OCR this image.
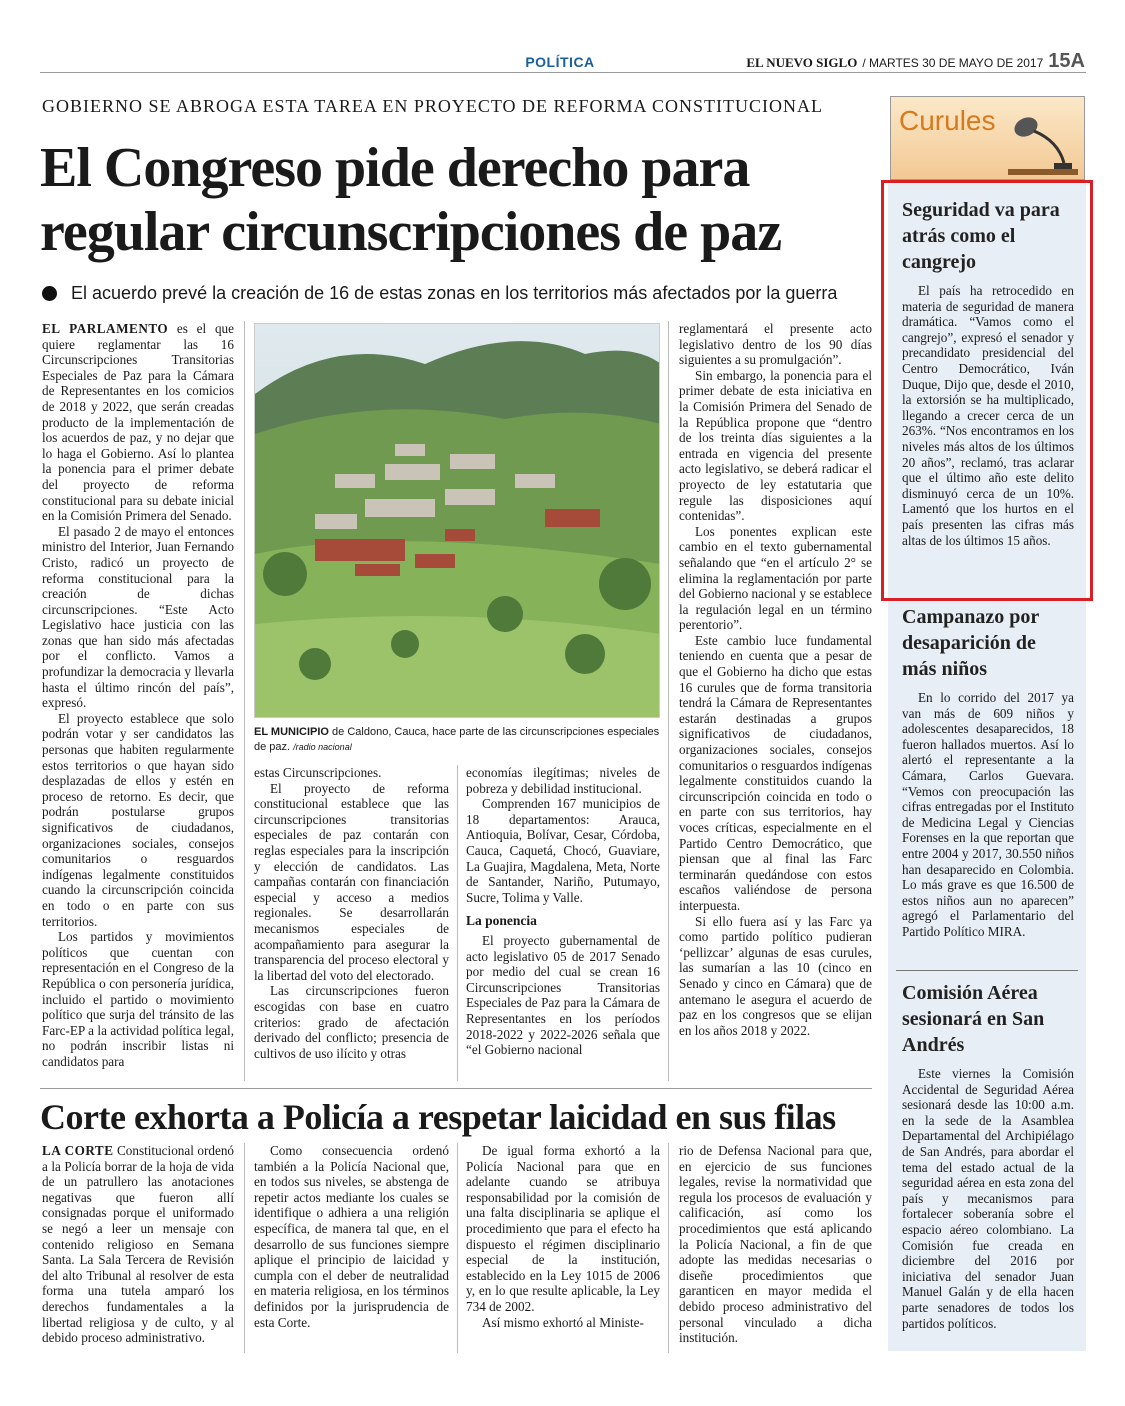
POLÍTICA	EL NUEVO SIGLO / MARTES 30 DE MAYO DE 2017 15A
GOBIERNO SE ABROGA ESTA TAREA EN PROYECTO DE REFORMA CONSTITUCIONAL
El Congreso pide derecho para regular circunscripciones de paz
El acuerdo prevé la creación de 16 de estas zonas en los territorios más afectados por la guerra

EL PARLAMENTO es el que quiere reglamentar las 16 Circunscripciones Transitorias Especiales de Paz para la Cámara de Representantes en los comicios de 2018 y 2022, que serán creadas producto de la implementación de los acuerdos de paz, y no dejar que lo haga el Gobierno. Así lo plantea la ponencia para el primer debate del proyecto de reforma constitucional para su debate inicial en la Comisión Primera del Senado.

El pasado 2 de mayo el entonces ministro del Interior, Juan Fernando Cristo, radicó un proyecto de reforma constitucional para la creación de dichas circunscripciones. “Este Acto Legislativo hace justicia con las zonas que han sido más afectadas por el conflicto. Vamos a profundizar la democracia y llevarla hasta el último rincón del país”, expresó.

El proyecto establece que solo podrán votar y ser candidatos las personas que habiten regularmente estos territorios o que hayan sido desplazadas de ellos y estén en proceso de retorno. Es decir, que podrán postularse grupos significativos de ciudadanos, organizaciones sociales, consejos comunitarios o resguardos indígenas legalmente constituidos cuando la circunscripción coincida en todo o en parte con sus territorios.

Los partidos y movimientos políticos que cuentan con representación en el Congreso de la República o con personería jurídica, incluido el partido o movimiento político que surja del tránsito de las Farc-EP a la actividad política legal, no podrán inscribir listas ni candidatos para

EL MUNICIPIO de Caldono, Cauca, hace parte de las circunscripciones especiales de paz. /radio nacional

estas Circunscripciones.

El proyecto de reforma constitucional establece que las circunscripciones transitorias especiales de paz contarán con reglas especiales para la inscripción y elección de candidatos. Las campañas contarán con financiación especial y acceso a medios regionales. Se desarrollarán mecanismos especiales de acompañamiento para asegurar la transparencia del proceso electoral y la libertad del voto del electorado.

Las circunscripciones fueron escogidas con base en cuatro criterios: grado de afectación derivado del conflicto; presencia de cultivos de uso ilícito y otras

economías ilegítimas; niveles de pobreza y debilidad institucional.

Comprenden 167 municipios de 18 departamentos: Arauca, Antioquia, Bolívar, Cesar, Córdoba, Cauca, Caquetá, Chocó, Guaviare, La Guajira, Magdalena, Meta, Norte de Santander, Nariño, Putumayo, Sucre, Tolima y Valle.

La ponencia

El proyecto gubernamental de acto legislativo 05 de 2017 Senado por medio del cual se crean 16 Circunscripciones Transitorias Especiales de Paz para la Cámara de Representantes en los períodos 2018-2022 y 2022-2026 señala que “el Gobierno nacional

reglamentará el presente acto legislativo dentro de los 90 días siguientes a su promulgación”.

Sin embargo, la ponencia para el primer debate de esta iniciativa en la Comisión Primera del Senado de la República propone que “dentro de los treinta días siguientes a la entrada en vigencia del presente acto legislativo, se deberá radicar el proyecto de ley estatutaria que regule las disposiciones aquí contenidas”.

Los ponentes explican este cambio en el texto gubernamental señalando que “en el artículo 2° se elimina la reglamentación por parte del Gobierno nacional y se establece la regulación legal en un término perentorio”.

Este cambio luce fundamental teniendo en cuenta que a pesar de que el Gobierno ha dicho que estas 16 curules que de forma transitoria tendrá la Cámara de Representantes estarán destinadas a grupos significativos de ciudadanos, organizaciones sociales, consejos comunitarios o resguardos indígenas legalmente constituidos cuando la circunscripción coincida en todo o en parte con sus territorios, hay voces críticas, especialmente en el Partido Centro Democrático, que piensan que al final las Farc terminarán quedándose con estos escaños valiéndose de persona interpuesta.

Si ello fuera así y las Farc ya como partido político pudieran ‘pellizcar’ algunas de esas curules, las sumarían a las 10 (cinco en Senado y cinco en Cámara) que de antemano le asegura el acuerdo de paz en los congresos que se elijan en los años 2018 y 2022.

Corte exhorta a Policía a respetar laicidad en sus filas

LA CORTE Constitucional ordenó a la Policía borrar de la hoja de vida de un patrullero las anotaciones negativas que fueron allí consignadas porque el uniformado se negó a leer un mensaje con contenido religioso en Semana Santa. La Sala Tercera de Revisión del alto Tribunal al resolver de esta forma una tutela amparó los derechos fundamentales a la libertad religiosa y de culto, y al debido proceso administrativo.

Como consecuencia ordenó también a la Policía Nacional que, en todos sus niveles, se abstenga de repetir actos mediante los cuales se identifique o adhiera a una religión específica, de manera tal que, en el desarrollo de sus funciones siempre aplique el principio de laicidad y cumpla con el deber de neutralidad en materia religiosa, en los términos definidos por la jurisprudencia de esta Corte.

De igual forma exhortó a la Policía Nacional para que en adelante cuando se atribuya responsabilidad por la comisión de una falta disciplinaria se aplique el procedimiento que para el efecto ha dispuesto el régimen disciplinario especial de la institución, establecido en la Ley 1015 de 2006 y, en lo que resulte aplicable, la Ley 734 de 2002.

Así mismo exhortó al Ministe-

rio de Defensa Nacional para que, en ejercicio de sus funciones legales, revise la normatividad que regula los procesos de evaluación y calificación, así como los procedimientos que está aplicando la Policía Nacional, a fin de que adopte las medidas necesarias o diseñe procedimientos que garanticen en mayor medida el debido proceso administrativo del personal vinculado a dicha institución.

Curules
Seguridad va para atrás como el cangrejo

El país ha retrocedido en materia de seguridad de manera dramática. “Vamos como el cangrejo”, expresó el senador y precandidato presidencial del Centro Democrático, Iván Duque, Dijo que, desde el 2010, la extorsión se ha multiplicado, llegando a crecer cerca de un 263%. “Nos encontramos en los niveles más altos de los últimos 20 años”, reclamó, tras aclarar que el último año este delito disminuyó cerca de un 10%. Lamentó que los hurtos en el país presenten las cifras más altas de los últimos 15 años.

Campanazo por desaparición de más niños

En lo corrido del 2017 ya van más de 609 niños y adolescentes desaparecidos, 18 fueron hallados muertos. Así lo alertó el representante a la Cámara, Carlos Guevara. “Vemos con preocupación las cifras entregadas por el Instituto de Medicina Legal y Ciencias Forenses en la que reportan que entre 2004 y 2017, 30.550 niños han desaparecido en Colombia. Lo más grave es que 16.500 de estos niños aun no aparecen” agregó el Parlamentario del Partido Político MIRA.

Comisión Aérea sesionará en San Andrés

Este viernes la Comisión Accidental de Seguridad Aérea sesionará desde las 10:00 a.m. en la sede de la Asamblea Departamental del Archipiélago de San Andrés, para abordar el tema del estado actual de la seguridad aérea en esta zona del país y mecanismos para fortalecer soberanía sobre el espacio aéreo colombiano. La Comisión fue creada en diciembre del 2016 por iniciativa del senador Juan Manuel Galán y de ella hacen parte senadores de todos los partidos políticos.
